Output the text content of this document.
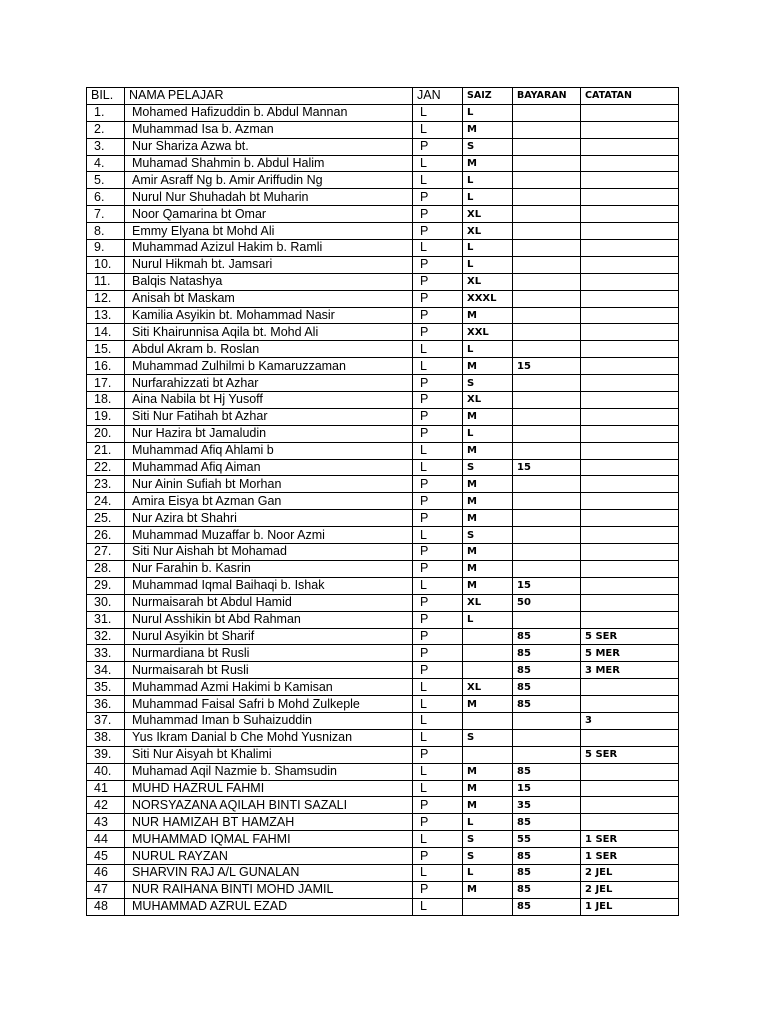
BIL.	NAMA PELAJAR	JAN	SAIZ	BAYARAN	CATATAN
1.	Mohamed Hafizuddin b. Abdul Mannan	L	L		
2.	Muhammad Isa b. Azman	L	M		
3.	Nur Shariza Azwa bt.	P	S		
4.	Muhamad Shahmin b. Abdul Halim	L	M		
5.	Amir Asraff Ng b. Amir Ariffudin Ng	L	L		
6.	Nurul Nur Shuhadah bt Muharin	P	L		
7.	Noor Qamarina bt Omar	P	XL		
8.	Emmy Elyana bt Mohd Ali	P	XL		
9.	Muhammad Azizul Hakim b. Ramli	L	L		
10.	Nurul Hikmah bt. Jamsari	P	L		
11.	Balqis Natashya	P	XL		
12.	Anisah bt Maskam	P	XXXL		
13.	Kamilia Asyikin bt. Mohammad Nasir	P	M		
14.	Siti Khairunnisa Aqila bt. Mohd Ali	P	XXL		
15.	Abdul Akram b. Roslan	L	L		
16.	Muhammad Zulhilmi b Kamaruzzaman	L	M	15	
17.	Nurfarahizzati bt Azhar	P	S		
18.	Aina Nabila bt Hj Yusoff	P	XL		
19.	Siti Nur Fatihah bt Azhar	P	M		
20.	Nur Hazira bt Jamaludin	P	L		
21.	Muhammad Afiq Ahlami b	L	M		
22.	Muhammad Afiq Aiman	L	S	15	
23.	Nur Ainin Sufiah bt Morhan	P	M		
24.	Amira Eisya bt Azman Gan	P	M		
25.	Nur Azira bt Shahri	P	M		
26.	Muhammad Muzaffar b. Noor Azmi	L	S		
27.	Siti Nur Aishah bt Mohamad	P	M		
28.	Nur Farahin b. Kasrin	P	M		
29.	Muhammad Iqmal Baihaqi b. Ishak	L	M	15	
30.	Nurmaisarah bt Abdul Hamid	P	XL	50	
31.	Nurul Asshikin bt Abd Rahman	P	L		
32.	Nurul Asyikin bt Sharif	P		85	5 SER
33.	Nurmardiana bt Rusli	P		85	5 MER
34.	Nurmaisarah bt Rusli	P		85	3 MER
35.	Muhammad Azmi Hakimi b Kamisan	L	XL	85	
36.	Muhammad Faisal Safri b Mohd Zulkeple	L	M	85	
37.	Muhammad Iman b Suhaizuddin	L			3
38.	Yus Ikram Danial b Che Mohd Yusnizan	L	S		
39.	Siti Nur Aisyah bt Khalimi	P			5 SER
40.	Muhamad Aqil Nazmie b. Shamsudin	L	M	85	
41	MUHD HAZRUL FAHMI	L	M	15	
42	NORSYAZANA AQILAH BINTI SAZALI	P	M	35	
43	NUR HAMIZAH BT HAMZAH	P	L	85	
44	MUHAMMAD IQMAL FAHMI	L	S	55	1 SER
45	NURUL RAYZAN	P	S	85	1 SER
46	SHARVIN RAJ A/L GUNALAN	L	L	85	2 JEL
47	NUR RAIHANA BINTI MOHD JAMIL	P	M	85	2 JEL
48	MUHAMMAD AZRUL EZAD	L		85	1 JEL
